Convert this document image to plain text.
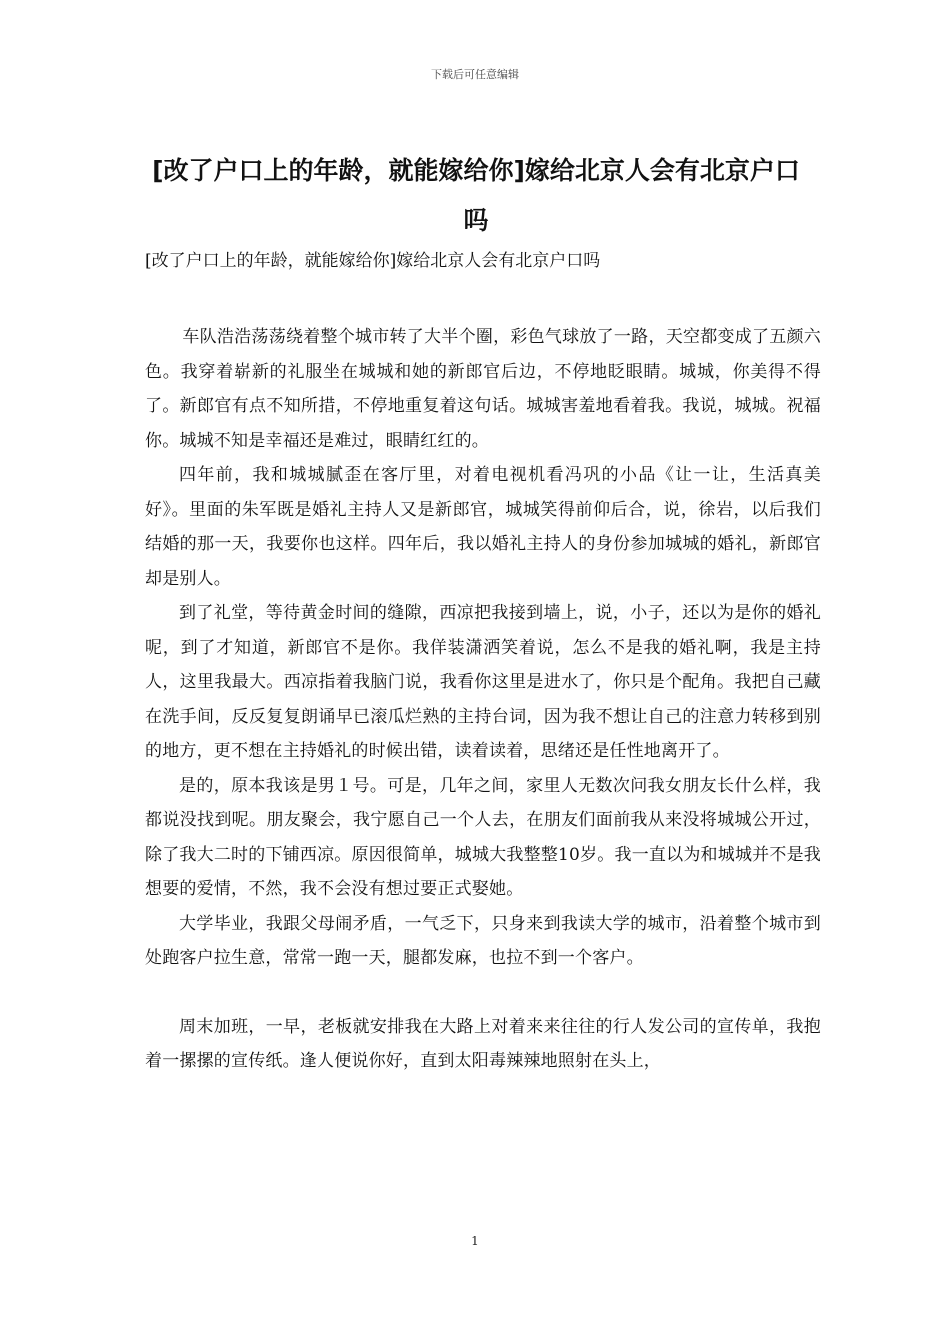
下载后可任意编辑
[改了户口上的年龄，就能嫁给你]嫁给北京人会有北京户口吗

[改了户口上的年龄，就能嫁给你]嫁给北京人会有北京户口吗

车队浩浩荡荡绕着整个城市转了大半个圈，彩色气球放了一路，天空都变成了五颜六色。我穿着崭新的礼服坐在城城和她的新郎官后边，不停地眨眼睛。城城，你美得不得了。新郎官有点不知所措，不停地重复着这句话。城城害羞地看着我。我说，城城。祝福你。城城不知是幸福还是难过，眼睛红红的。

四年前，我和城城腻歪在客厅里，对着电视机看冯巩的小品《让一让，生活真美好》。里面的朱军既是婚礼主持人又是新郎官，城城笑得前仰后合，说，徐岩，以后我们结婚的那一天，我要你也这样。四年后，我以婚礼主持人的身份参加城城的婚礼，新郎官却是别人。

到了礼堂，等待黄金时间的缝隙，西凉把我接到墙上，说，小子，还以为是你的婚礼呢，到了才知道，新郎官不是你。我佯装潇洒笑着说，怎么不是我的婚礼啊，我是主持人，这里我最大。西凉指着我脑门说，我看你这里是进水了，你只是个配角。我把自己藏在洗手间，反反复复朗诵早已滚瓜烂熟的主持台词，因为我不想让自己的注意力转移到别的地方，更不想在主持婚礼的时候出错，读着读着，思绪还是任性地离开了。

是的，原本我该是男１号。可是，几年之间，家里人无数次问我女朋友长什么样，我都说没找到呢。朋友聚会，我宁愿自己一个人去，在朋友们面前我从来没将城城公开过，除了我大二时的下铺西凉。原因很简单，城城大我整整10岁。我一直以为和城城并不是我想要的爱情，不然，我不会没有想过要正式娶她。

大学毕业，我跟父母闹矛盾，一气乏下，只身来到我读大学的城市，沿着整个城市到处跑客户拉生意，常常一跑一天，腿都发麻，也拉不到一个客户。

周末加班，一早，老板就安排我在大路上对着来来往往的行人发公司的宣传单，我抱着一摞摞的宣传纸。逢人便说你好，直到太阳毒辣辣地照射在头上，

1
